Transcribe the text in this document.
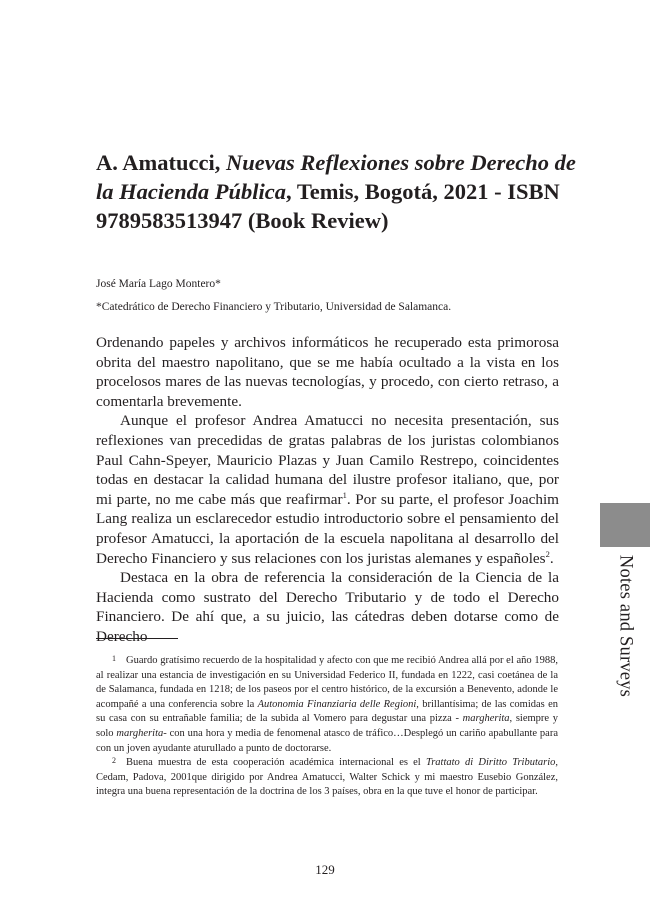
A. Amatucci, Nuevas Reflexiones sobre Derecho de la Hacienda Pública, Temis, Bogotá, 2021 - ISBN 9789583513947 (Book Review)
José María Lago Montero*
*Catedrático de Derecho Financiero y Tributario, Universidad de Salamanca.

Ordenando papeles y archivos informáticos he recuperado esta primorosa obrita del maestro napolitano, que se me había ocultado a la vista en los procelosos mares de las nuevas tecnologías, y procedo, con cierto retraso, a comentarla brevemente.

Aunque el profesor Andrea Amatucci no necesita presentación, sus reflexiones van precedidas de gratas palabras de los juristas colombianos Paul Cahn-Speyer, Mauricio Plazas y Juan Camilo Restrepo, coincidentes todas en destacar la calidad humana del ilustre profesor italiano, que, por mi parte, no me cabe más que reafirmar$^1$. Por su parte, el profesor Joachim Lang realiza un esclarecedor estudio introductorio sobre el pensamiento del profesor Amatucci, la aportación de la escuela napolitana al desarrollo del Derecho Financiero y sus relaciones con los juristas alemanes y españoles$^2$.

Destaca en la obra de referencia la consideración de la Ciencia de la Hacienda como sustrato del Derecho Tributario y de todo el Derecho Financiero. De ahí que, a su juicio, las cátedras deben dotarse como de Derecho

$^1$ Guardo gratísimo recuerdo de la hospitalidad y afecto con que me recibió Andrea allá por el año 1988, al realizar una estancia de investigación en su Universidad Federico II, fundada en 1222, casi coetánea de la de Salamanca, fundada en 1218; de los paseos por el centro histórico, de la excursión a Benevento, adonde le acompañé a una conferencia sobre la Autonomia Finanziaria delle Regioni, brillantísima; de las comidas en su casa con su entrañable familia; de la subida al Vomero para degustar una pizza - margherita, siempre y solo margherita- con una hora y media de fenomenal atasco de tráfico…Desplegó un cariño apabullante para con un joven ayudante aturullado a punto de doctorarse.

$^2$ Buena muestra de esta cooperación académica internacional es el Trattato di Diritto Tributario, Cedam, Padova, 2001que dirigido por Andrea Amatucci, Walter Schick y mi maestro Eusebio González, integra una buena representación de la doctrina de los 3 países, obra en la que tuve el honor de participar.

129
Notes and Surveys
